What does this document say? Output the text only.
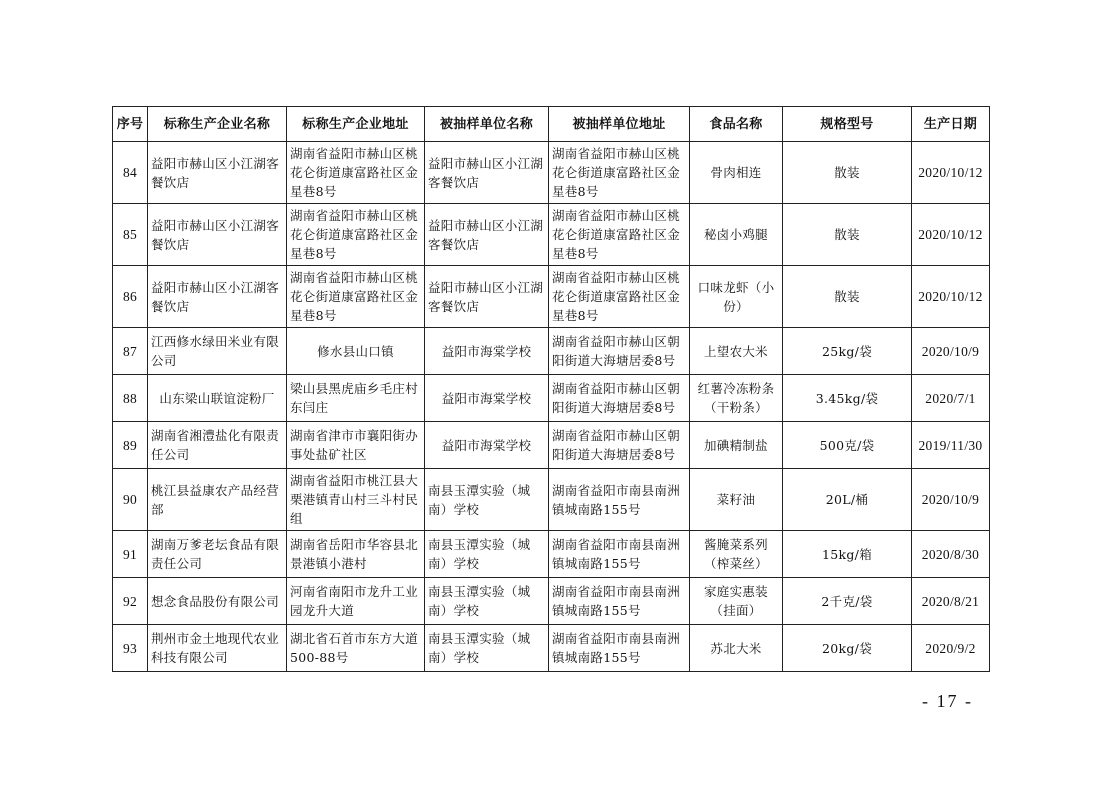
序号	标称生产企业名称	标称生产企业地址	被抽样单位名称	被抽样单位地址	食品名称	规格型号	生产日期
84	益阳市赫山区小江湖客餐饮店	湖南省益阳市赫山区桃花仑街道康富路社区金星巷8号	益阳市赫山区小江湖客餐饮店	湖南省益阳市赫山区桃花仑街道康富路社区金星巷8号	骨肉相连	散装	2020/10/12
85	益阳市赫山区小江湖客餐饮店	湖南省益阳市赫山区桃花仑街道康富路社区金星巷8号	益阳市赫山区小江湖客餐饮店	湖南省益阳市赫山区桃花仑街道康富路社区金星巷8号	秘卤小鸡腿	散装	2020/10/12
86	益阳市赫山区小江湖客餐饮店	湖南省益阳市赫山区桃花仑街道康富路社区金星巷8号	益阳市赫山区小江湖客餐饮店	湖南省益阳市赫山区桃花仑街道康富路社区金星巷8号	口味龙虾（小份）	散装	2020/10/12
87	江西修水绿田米业有限公司	修水县山口镇	益阳市海棠学校	湖南省益阳市赫山区朝阳街道大海塘居委8号	上望农大米	25kg/袋	2020/10/9
88	山东梁山联谊淀粉厂	梁山县黑虎庙乡毛庄村东闫庄	益阳市海棠学校	湖南省益阳市赫山区朝阳街道大海塘居委8号	红薯冷冻粉条（干粉条）	3.45kg/袋	2020/7/1
89	湖南省湘澧盐化有限责任公司	湖南省津市市襄阳街办事处盐矿社区	益阳市海棠学校	湖南省益阳市赫山区朝阳街道大海塘居委8号	加碘精制盐	500克/袋	2019/11/30
90	桃江县益康农产品经营部	湖南省益阳市桃江县大栗港镇青山村三斗村民组	南县玉潭实验（城南）学校	湖南省益阳市南县南洲镇城南路155号	菜籽油	20L/桶	2020/10/9
91	湖南万爹老坛食品有限责任公司	湖南省岳阳市华容县北景港镇小港村	南县玉潭实验（城南）学校	湖南省益阳市南县南洲镇城南路155号	酱腌菜系列（榨菜丝）	15kg/箱	2020/8/30
92	想念食品股份有限公司	河南省南阳市龙升工业园龙升大道	南县玉潭实验（城南）学校	湖南省益阳市南县南洲镇城南路155号	家庭实惠装（挂面）	2千克/袋	2020/8/21
93	荆州市金土地现代农业科技有限公司	湖北省石首市东方大道500-88号	南县玉潭实验（城南）学校	湖南省益阳市南县南洲镇城南路155号	苏北大米	20kg/袋	2020/9/2
- 17 -
